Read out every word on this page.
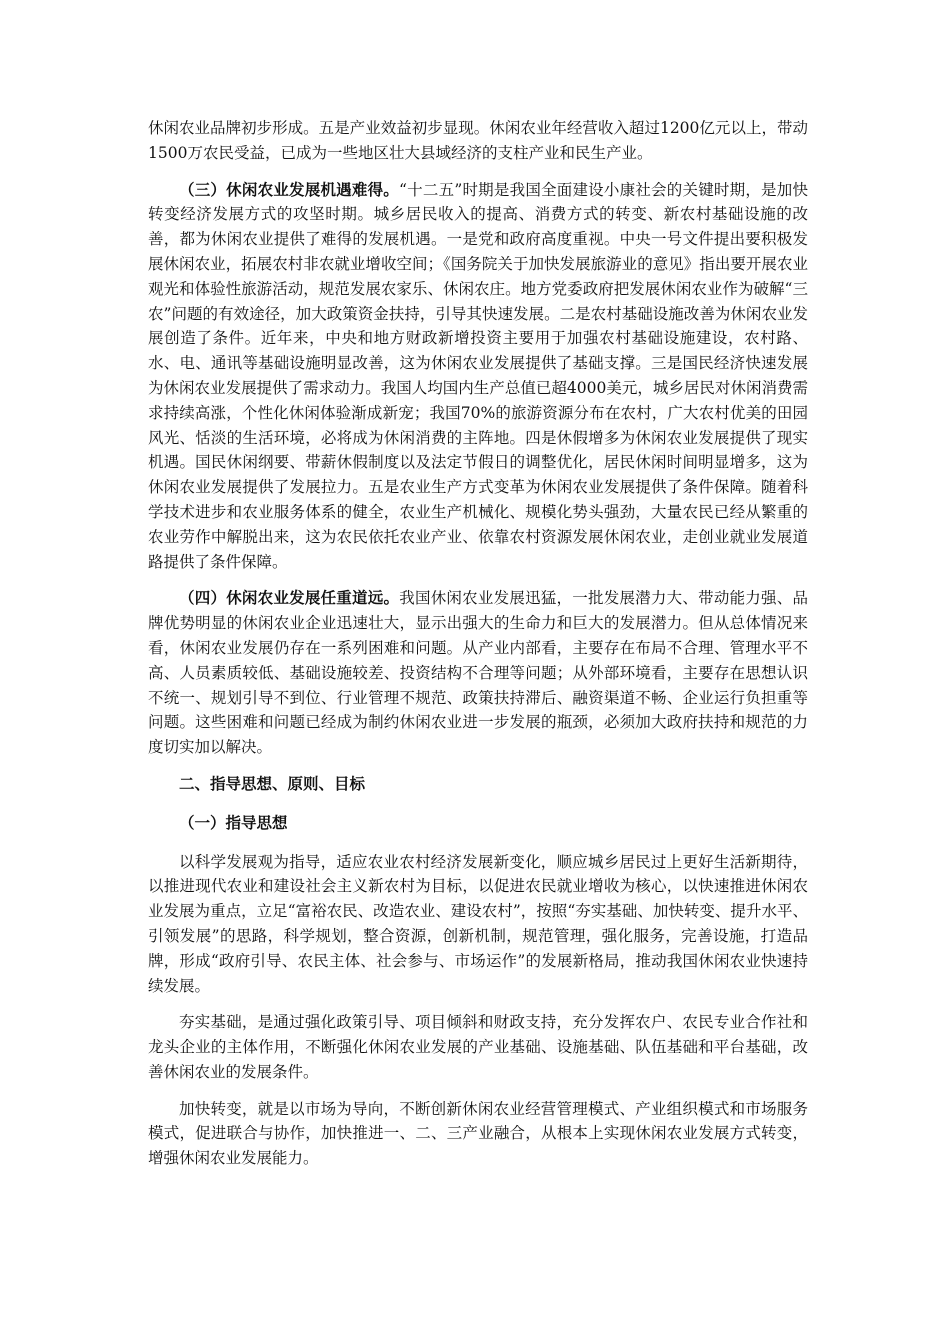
休闲农业品牌初步形成。五是产业效益初步显现。休闲农业年经营收入超过1200亿元以上，带动1500万农民受益，已成为一些地区壮大县域经济的支柱产业和民生产业。

（三）休闲农业发展机遇难得。“十二五”时期是我国全面建设小康社会的关键时期，是加快转变经济发展方式的攻坚时期。城乡居民收入的提高、消费方式的转变、新农村基础设施的改善，都为休闲农业提供了难得的发展机遇。一是党和政府高度重视。中央一号文件提出要积极发展休闲农业，拓展农村非农就业增收空间；《国务院关于加快发展旅游业的意见》指出要开展农业观光和体验性旅游活动，规范发展农家乐、休闲农庄。地方党委政府把发展休闲农业作为破解“三农”问题的有效途径，加大政策资金扶持，引导其快速发展。二是农村基础设施改善为休闲农业发展创造了条件。近年来，中央和地方财政新增投资主要用于加强农村基础设施建设，农村路、水、电、通讯等基础设施明显改善，这为休闲农业发展提供了基础支撑。三是国民经济快速发展为休闲农业发展提供了需求动力。我国人均国内生产总值已超4000美元，城乡居民对休闲消费需求持续高涨，个性化休闲体验渐成新宠；我国70%的旅游资源分布在农村，广大农村优美的田园风光、恬淡的生活环境，必将成为休闲消费的主阵地。四是休假增多为休闲农业发展提供了现实机遇。国民休闲纲要、带薪休假制度以及法定节假日的调整优化，居民休闲时间明显增多，这为休闲农业发展提供了发展拉力。五是农业生产方式变革为休闲农业发展提供了条件保障。随着科学技术进步和农业服务体系的健全，农业生产机械化、规模化势头强劲，大量农民已经从繁重的农业劳作中解脱出来，这为农民依托农业产业、依靠农村资源发展休闲农业，走创业就业发展道路提供了条件保障。

（四）休闲农业发展任重道远。我国休闲农业发展迅猛，一批发展潜力大、带动能力强、品牌优势明显的休闲农业企业迅速壮大，显示出强大的生命力和巨大的发展潜力。但从总体情况来看，休闲农业发展仍存在一系列困难和问题。从产业内部看，主要存在布局不合理、管理水平不高、人员素质较低、基础设施较差、投资结构不合理等问题；从外部环境看，主要存在思想认识不统一、规划引导不到位、行业管理不规范、政策扶持滞后、融资渠道不畅、企业运行负担重等问题。这些困难和问题已经成为制约休闲农业进一步发展的瓶颈，必须加大政府扶持和规范的力度切实加以解决。

二、指导思想、原则、目标
（一）指导思想

以科学发展观为指导，适应农业农村经济发展新变化，顺应城乡居民过上更好生活新期待，以推进现代农业和建设社会主义新农村为目标，以促进农民就业增收为核心，以快速推进休闲农业发展为重点，立足“富裕农民、改造农业、建设农村”，按照“夯实基础、加快转变、提升水平、引领发展”的思路，科学规划，整合资源，创新机制，规范管理，强化服务，完善设施，打造品牌，形成“政府引导、农民主体、社会参与、市场运作”的发展新格局，推动我国休闲农业快速持续发展。

夯实基础，是通过强化政策引导、项目倾斜和财政支持，充分发挥农户、农民专业合作社和龙头企业的主体作用，不断强化休闲农业发展的产业基础、设施基础、队伍基础和平台基础，改善休闲农业的发展条件。

加快转变，就是以市场为导向，不断创新休闲农业经营管理模式、产业组织模式和市场服务模式，促进联合与协作，加快推进一、二、三产业融合，从根本上实现休闲农业发展方式转变，增强休闲农业发展能力。
